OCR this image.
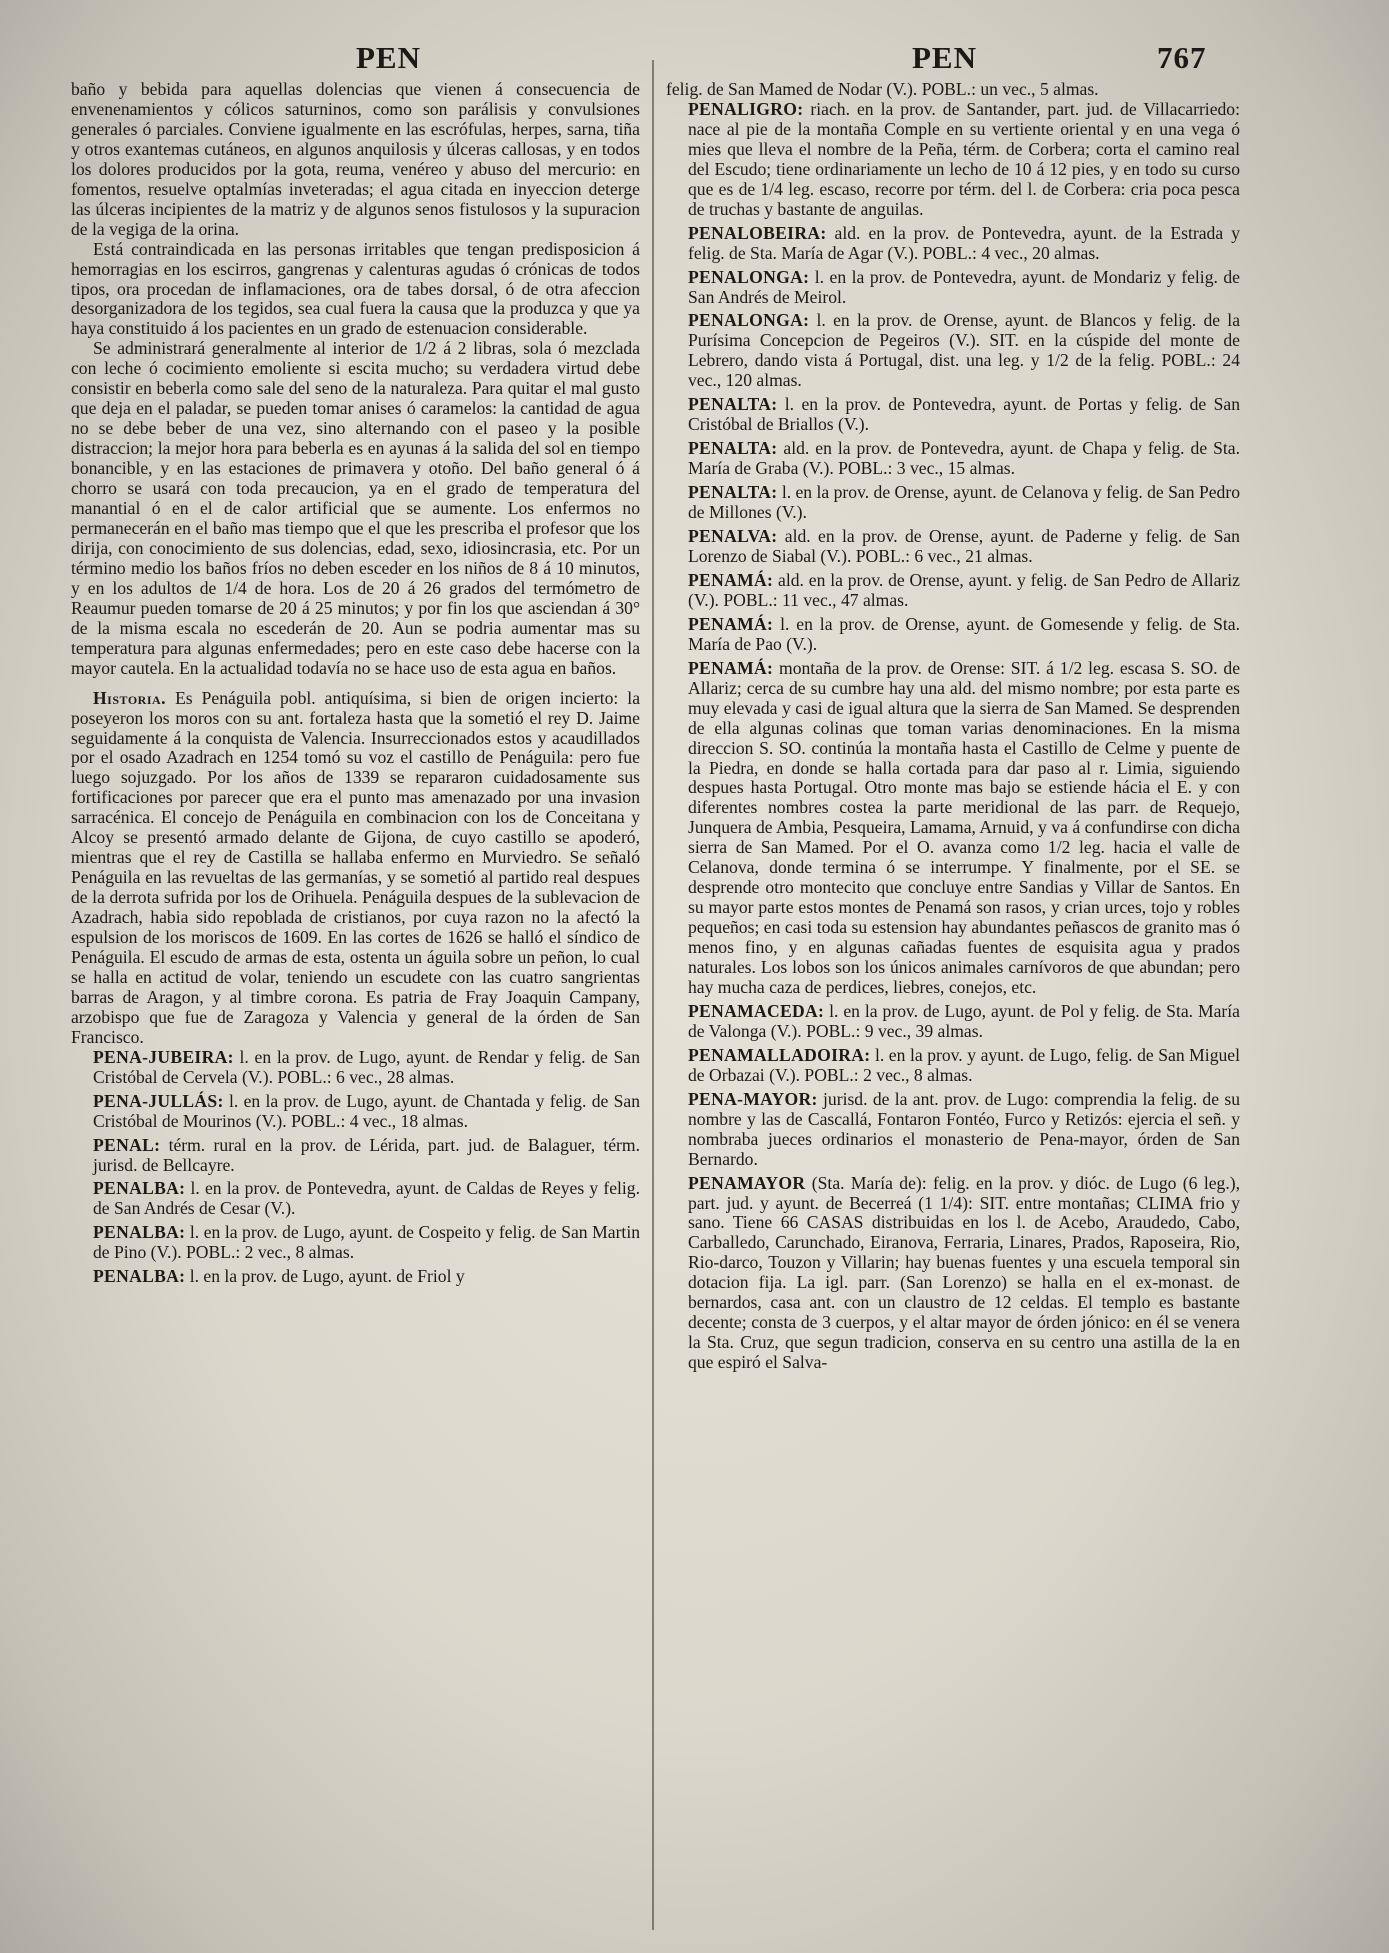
PEN	PEN	767

baño y bebida para aquellas dolencias que vienen á consecuencia de envenenamientos y cólicos saturninos, como son parálisis y convulsiones generales ó parciales. Conviene igualmente en las escrófulas, herpes, sarna, tiña y otros exantemas cutáneos, en algunos anquilosis y úlceras callosas, y en todos los dolores producidos por la gota, reuma, venéreo y abuso del mercurio: en fomentos, resuelve optalmías inveteradas; el agua citada en inyeccion deterge las úlceras incipientes de la matriz y de algunos senos fistulosos y la supuracion de la vegiga de la orina.

Está contraindicada en las personas irritables que tengan predisposicion á hemorragias en los escirros, gangrenas y calenturas agudas ó crónicas de todos tipos, ora procedan de inflamaciones, ora de tabes dorsal, ó de otra afeccion desorganizadora de los tegidos, sea cual fuera la causa que la produzca y que ya haya constituido á los pacientes en un grado de estenuacion considerable.

Se administrará generalmente al interior de 1/2 á 2 libras, sola ó mezclada con leche ó cocimiento emoliente si escita mucho; su verdadera virtud debe consistir en beberla como sale del seno de la naturaleza. Para quitar el mal gusto que deja en el paladar, se pueden tomar anises ó caramelos: la cantidad de agua no se debe beber de una vez, sino alternando con el paseo y la posible distraccion; la mejor hora para beberla es en ayunas á la salida del sol en tiempo bonancible, y en las estaciones de primavera y otoño. Del baño general ó á chorro se usará con toda precaucion, ya en el grado de temperatura del manantial ó en el de calor artificial que se aumente. Los enfermos no permanecerán en el baño mas tiempo que el que les prescriba el profesor que los dirija, con conocimiento de sus dolencias, edad, sexo, idiosincrasia, etc. Por un término medio los baños fríos no deben esceder en los niños de 8 á 10 minutos, y en los adultos de 1/4 de hora. Los de 20 á 26 grados del termómetro de Reaumur pueden tomarse de 20 á 25 minutos; y por fin los que asciendan á 30° de la misma escala no escederán de 20. Aun se podria aumentar mas su temperatura para algunas enfermedades; pero en este caso debe hacerse con la mayor cautela. En la actualidad todavía no se hace uso de esta agua en baños.

Historia. Es Penáguila pobl. antiquísima, si bien de origen incierto: la poseyeron los moros con su ant. fortaleza hasta que la sometió el rey D. Jaime seguidamente á la conquista de Valencia. Insurreccionados estos y acaudillados por el osado Azadrach en 1254 tomó su voz el castillo de Penáguila: pero fue luego sojuzgado. Por los años de 1339 se repararon cuidadosamente sus fortificaciones por parecer que era el punto mas amenazado por una invasion sarracénica. El concejo de Penáguila en combinacion con los de Conceitana y Alcoy se presentó armado delante de Gijona, de cuyo castillo se apoderó, mientras que el rey de Castilla se hallaba enfermo en Murviedro. Se señaló Penáguila en las revueltas de las germanías, y se sometió al partido real despues de la derrota sufrida por los de Orihuela. Penáguila despues de la sublevacion de Azadrach, habia sido repoblada de cristianos, por cuya razon no la afectó la espulsion de los moriscos de 1609. En las cortes de 1626 se halló el síndico de Penáguila. El escudo de armas de esta, ostenta un águila sobre un peñon, lo cual se halla en actitud de volar, teniendo un escudete con las cuatro sangrientas barras de Aragon, y al timbre corona. Es patria de Fray Joaquin Campany, arzobispo que fue de Zaragoza y Valencia y general de la órden de San Francisco.

PENA-JUBEIRA: l. en la prov. de Lugo, ayunt. de Rendar y felig. de San Cristóbal de Cervela (V.). POBL.: 6 vec., 28 almas.

PENA-JULLÁS: l. en la prov. de Lugo, ayunt. de Chantada y felig. de San Cristóbal de Mourinos (V.). POBL.: 4 vec., 18 almas.

PENAL: térm. rural en la prov. de Lérida, part. jud. de Balaguer, térm. jurisd. de Bellcayre.

PENALBA: l. en la prov. de Pontevedra, ayunt. de Caldas de Reyes y felig. de San Andrés de Cesar (V.).

PENALBA: l. en la prov. de Lugo, ayunt. de Cospeito y felig. de San Martin de Pino (V.). POBL.: 2 vec., 8 almas.

PENALBA: l. en la prov. de Lugo, ayunt. de Friol y

felig. de San Mamed de Nodar (V.). POBL.: un vec., 5 almas.

PENALIGRO: riach. en la prov. de Santander, part. jud. de Villacarriedo: nace al pie de la montaña Comple en su vertiente oriental y en una vega ó mies que lleva el nombre de la Peña, térm. de Corbera; corta el camino real del Escudo; tiene ordinariamente un lecho de 10 á 12 pies, y en todo su curso que es de 1/4 leg. escaso, recorre por térm. del l. de Corbera: cria poca pesca de truchas y bastante de anguilas.

PENALOBEIRA: ald. en la prov. de Pontevedra, ayunt. de la Estrada y felig. de Sta. María de Agar (V.). POBL.: 4 vec., 20 almas.

PENALONGA: l. en la prov. de Pontevedra, ayunt. de Mondariz y felig. de San Andrés de Meirol.

PENALONGA: l. en la prov. de Orense, ayunt. de Blancos y felig. de la Purísima Concepcion de Pegeiros (V.). SIT. en la cúspide del monte de Lebrero, dando vista á Portugal, dist. una leg. y 1/2 de la felig. POBL.: 24 vec., 120 almas.

PENALTA: l. en la prov. de Pontevedra, ayunt. de Portas y felig. de San Cristóbal de Briallos (V.).

PENALTA: ald. en la prov. de Pontevedra, ayunt. de Chapa y felig. de Sta. María de Graba (V.). POBL.: 3 vec., 15 almas.

PENALTA: l. en la prov. de Orense, ayunt. de Celanova y felig. de San Pedro de Millones (V.).

PENALVA: ald. en la prov. de Orense, ayunt. de Paderne y felig. de San Lorenzo de Siabal (V.). POBL.: 6 vec., 21 almas.

PENAMÁ: ald. en la prov. de Orense, ayunt. y felig. de San Pedro de Allariz (V.). POBL.: 11 vec., 47 almas.

PENAMÁ: l. en la prov. de Orense, ayunt. de Gomesende y felig. de Sta. María de Pao (V.).

PENAMÁ: montaña de la prov. de Orense: SIT. á 1/2 leg. escasa S. SO. de Allariz; cerca de su cumbre hay una ald. del mismo nombre; por esta parte es muy elevada y casi de igual altura que la sierra de San Mamed. Se desprenden de ella algunas colinas que toman varias denominaciones. En la misma direccion S. SO. continúa la montaña hasta el Castillo de Celme y puente de la Piedra, en donde se halla cortada para dar paso al r. Limia, siguiendo despues hasta Portugal. Otro monte mas bajo se estiende hácia el E. y con diferentes nombres costea la parte meridional de las parr. de Requejo, Junquera de Ambia, Pesqueira, Lamama, Arnuid, y va á confundirse con dicha sierra de San Mamed. Por el O. avanza como 1/2 leg. hacia el valle de Celanova, donde termina ó se interrumpe. Y finalmente, por el SE. se desprende otro montecito que concluye entre Sandias y Villar de Santos. En su mayor parte estos montes de Penamá son rasos, y crian urces, tojo y robles pequeños; en casi toda su estension hay abundantes peñascos de granito mas ó menos fino, y en algunas cañadas fuentes de esquisita agua y prados naturales. Los lobos son los únicos animales carnívoros de que abundan; pero hay mucha caza de perdices, liebres, conejos, etc.

PENAMACEDA: l. en la prov. de Lugo, ayunt. de Pol y felig. de Sta. María de Valonga (V.). POBL.: 9 vec., 39 almas.

PENAMALLADOIRA: l. en la prov. y ayunt. de Lugo, felig. de San Miguel de Orbazai (V.). POBL.: 2 vec., 8 almas.

PENA-MAYOR: jurisd. de la ant. prov. de Lugo: comprendia la felig. de su nombre y las de Cascallá, Fontaron Fontéo, Furco y Retizós: ejercia el señ. y nombraba jueces ordinarios el monasterio de Pena-mayor, órden de San Bernardo.

PENAMAYOR (Sta. María de): felig. en la prov. y dióc. de Lugo (6 leg.), part. jud. y ayunt. de Becerreá (1 1/4): SIT. entre montañas; CLIMA frio y sano. Tiene 66 CASAS distribuidas en los l. de Acebo, Araudedo, Cabo, Carballedo, Carunchado, Eiranova, Ferraria, Linares, Prados, Raposeira, Rio, Rio-darco, Touzon y Villarin; hay buenas fuentes y una escuela temporal sin dotacion fija. La igl. parr. (San Lorenzo) se halla en el ex-monast. de bernardos, casa ant. con un claustro de 12 celdas. El templo es bastante decente; consta de 3 cuerpos, y el altar mayor de órden jónico: en él se venera la Sta. Cruz, que segun tradicion, conserva en su centro una astilla de la en que espiró el Salva-
